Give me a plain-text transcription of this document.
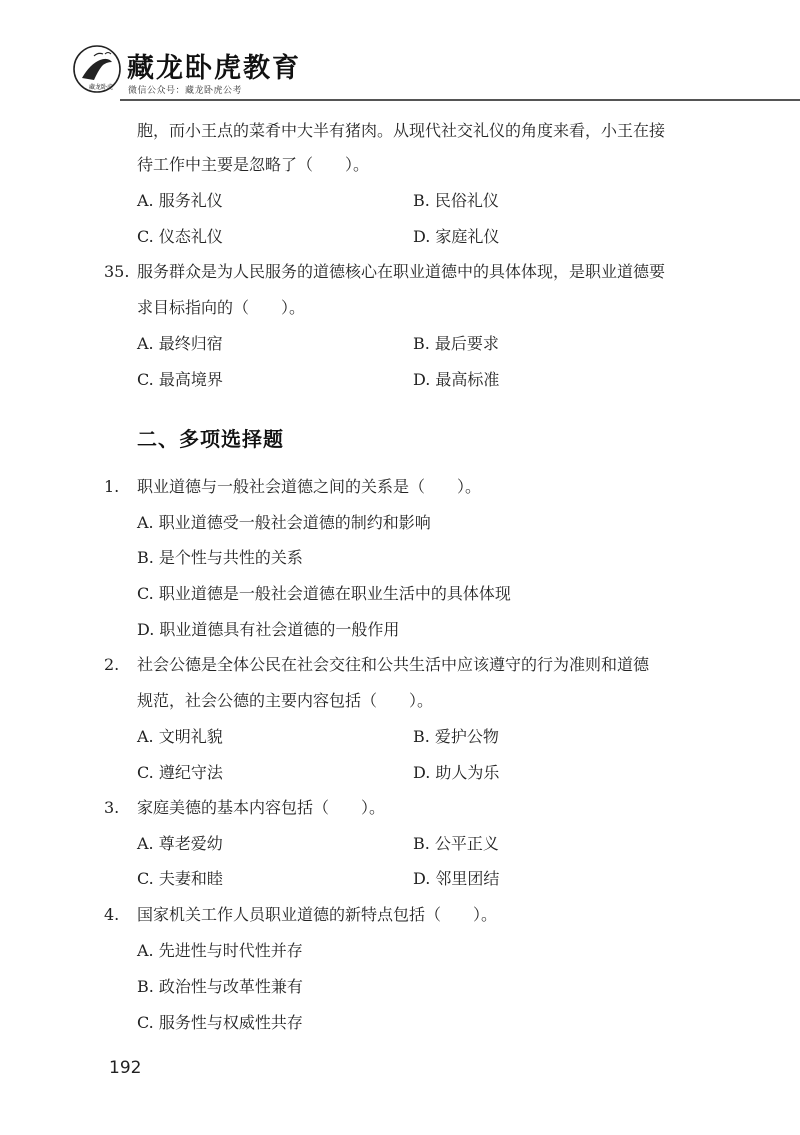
藏龙卧虎
藏龙卧虎教育
微信公众号：藏龙卧虎公考
胞，而小王点的菜肴中大半有猪肉。从现代社交礼仪的角度来看，小王在接
待工作中主要是忽略了（　　）。
A. 服务礼仪	B. 民俗礼仪
C. 仪态礼仪	D. 家庭礼仪
35. 服务群众是为人民服务的道德核心在职业道德中的具体体现，是职业道德要
求目标指向的（　　）。
A. 最终归宿	B. 最后要求
C. 最高境界	D. 最高标准
二、多项选择题
1. 职业道德与一般社会道德之间的关系是（　　）。
A. 职业道德受一般社会道德的制约和影响
B. 是个性与共性的关系
C. 职业道德是一般社会道德在职业生活中的具体体现
D. 职业道德具有社会道德的一般作用
2. 社会公德是全体公民在社会交往和公共生活中应该遵守的行为准则和道德
规范，社会公德的主要内容包括（　　）。
A. 文明礼貌	B. 爱护公物
C. 遵纪守法	D. 助人为乐
3. 家庭美德的基本内容包括（　　）。
A. 尊老爱幼	B. 公平正义
C. 夫妻和睦	D. 邻里团结
4. 国家机关工作人员职业道德的新特点包括（　　）。
A. 先进性与时代性并存
B. 政治性与改革性兼有
C. 服务性与权威性共存
192
